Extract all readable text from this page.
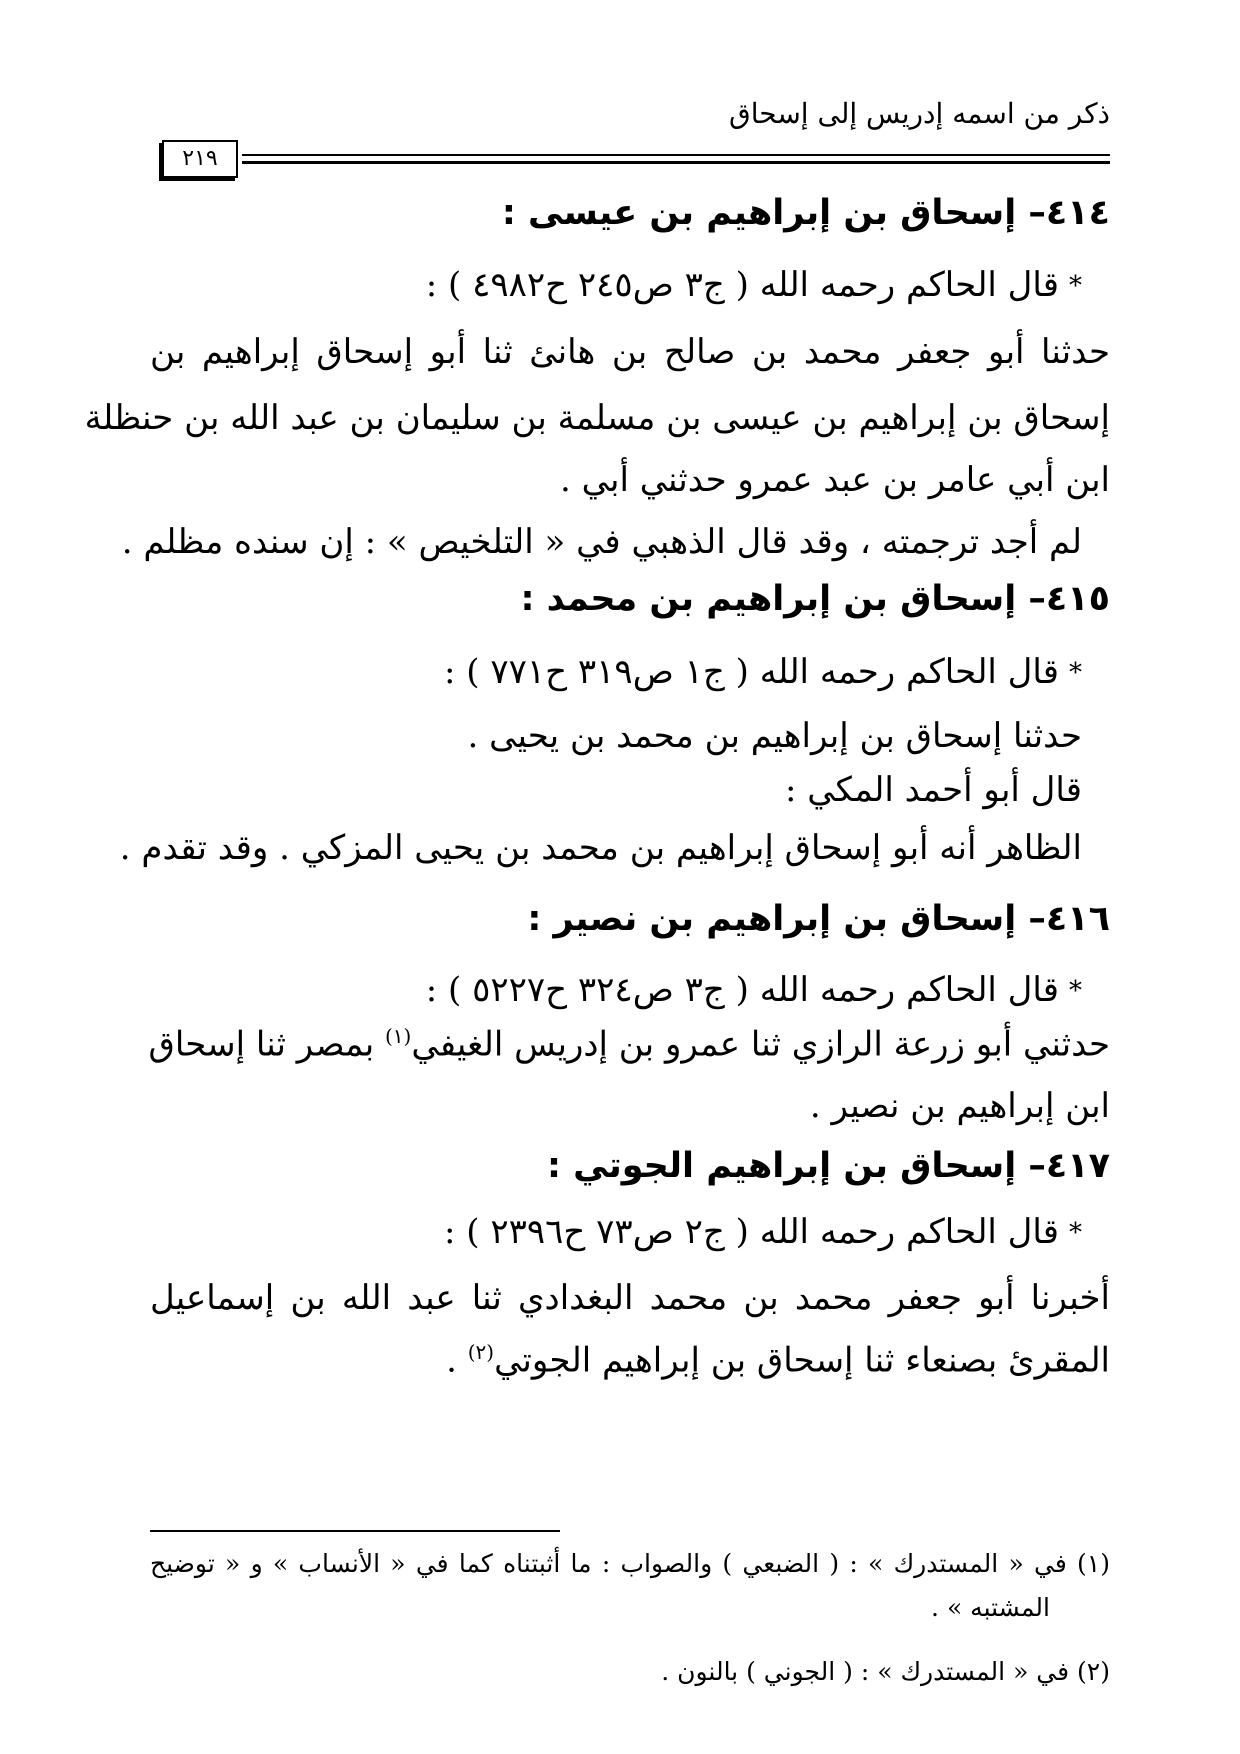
ذكر من اسمه إدريس إلى إسحاق
٢١٩
٤١٤– إسحاق بن إبراهيم بن عيسى :
*قال الحاكم رحمه الله ( ج٣ ص٢٤٥ ح٤٩٨٢ ) :
حدثنا أبو جعفر محمد بن صالح بن هانئ ثنا أبو إسحاق إبراهيم بن
إسحاق بن إبراهيم بن عيسى بن مسلمة بن سليمان بن عبد الله بن حنظلة
ابن أبي عامر بن عبد عمرو حدثني أبي .
لم أجد ترجمته ، وقد قال الذهبي في « التلخيص » : إن سنده مظلم .
٤١٥– إسحاق بن إبراهيم بن محمد :
*قال الحاكم رحمه الله ( ج١ ص٣١٩ ح٧٧١ ) :
حدثنا إسحاق بن إبراهيم بن محمد بن يحيى .
قال أبو أحمد المكي :
الظاهر أنه أبو إسحاق إبراهيم بن محمد بن يحيى المزكي . وقد تقدم .
٤١٦– إسحاق بن إبراهيم بن نصير :
*قال الحاكم رحمه الله ( ج٣ ص٣٢٤ ح٥٢٢٧ ) :
حدثني أبو زرعة الرازي ثنا عمرو بن إدريس الغيفي$^{(١)}$ بمصر ثنا إسحاق
ابن إبراهيم بن نصير .
٤١٧– إسحاق بن إبراهيم الجوتي :
*قال الحاكم رحمه الله ( ج٢ ص٧٣ ح٢٣٩٦ ) :
أخبرنا أبو جعفر محمد بن محمد البغدادي ثنا عبد الله بن إسماعيل
المقرئ بصنعاء ثنا إسحاق بن إبراهيم الجوتي$^{(٢)}$ .
(١) في « المستدرك » : ( الضبعي ) والصواب : ما أثبتناه كما في « الأنساب » و « توضيح
المشتبه » .
(٢) في « المستدرك » : ( الجوني ) بالنون .
